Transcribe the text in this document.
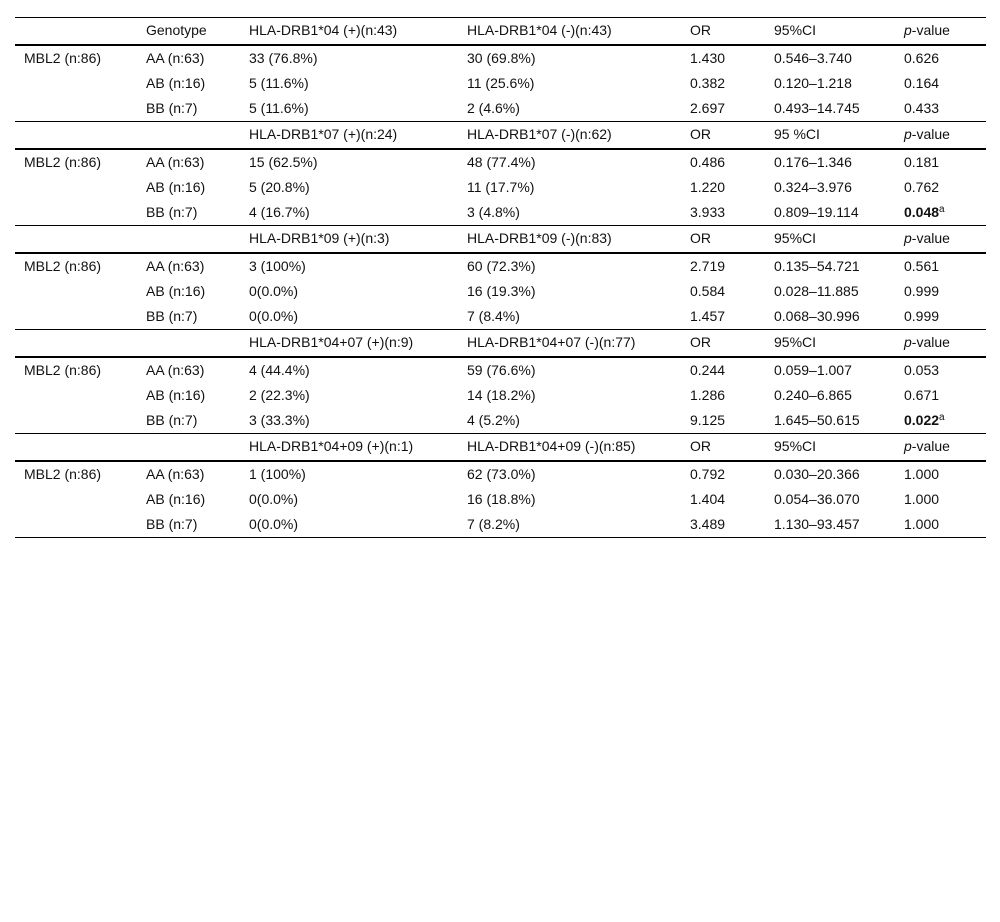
	Genotype	HLA-DRB1*04 (+)(n:43)	HLA-DRB1*04 (-)(n:43)	OR	95%CI	p-value
MBL2 (n:86)	AA (n:63)	33 (76.8%)	30 (69.8%)	1.430	0.546–3.740	0.626
	AB (n:16)	5 (11.6%)	11 (25.6%)	0.382	0.120–1.218	0.164
	BB (n:7)	5 (11.6%)	2 (4.6%)	2.697	0.493–14.745	0.433
		HLA-DRB1*07 (+)(n:24)	HLA-DRB1*07 (-)(n:62)	OR	95 %CI	p-value
MBL2 (n:86)	AA (n:63)	15 (62.5%)	48 (77.4%)	0.486	0.176–1.346	0.181
	AB (n:16)	5 (20.8%)	11 (17.7%)	1.220	0.324–3.976	0.762
	BB (n:7)	4 (16.7%)	3 (4.8%)	3.933	0.809–19.114	0.048$^a$
		HLA-DRB1*09 (+)(n:3)	HLA-DRB1*09 (-)(n:83)	OR	95%CI	p-value
MBL2 (n:86)	AA (n:63)	3 (100%)	60 (72.3%)	2.719	0.135–54.721	0.561
	AB (n:16)	0(0.0%)	16 (19.3%)	0.584	0.028–11.885	0.999
	BB (n:7)	0(0.0%)	7 (8.4%)	1.457	0.068–30.996	0.999
		HLA-DRB1*04+07 (+)(n:9)	HLA-DRB1*04+07 (-)(n:77)	OR	95%CI	p-value
MBL2 (n:86)	AA (n:63)	4 (44.4%)	59 (76.6%)	0.244	0.059–1.007	0.053
	AB (n:16)	2 (22.3%)	14 (18.2%)	1.286	0.240–6.865	0.671
	BB (n:7)	3 (33.3%)	4 (5.2%)	9.125	1.645–50.615	0.022$^a$
		HLA-DRB1*04+09 (+)(n:1)	HLA-DRB1*04+09 (-)(n:85)	OR	95%CI	p-value
MBL2 (n:86)	AA (n:63)	1 (100%)	62 (73.0%)	0.792	0.030–20.366	1.000
	AB (n:16)	0(0.0%)	16 (18.8%)	1.404	0.054–36.070	1.000
	BB (n:7)	0(0.0%)	7 (8.2%)	3.489	1.130–93.457	1.000
